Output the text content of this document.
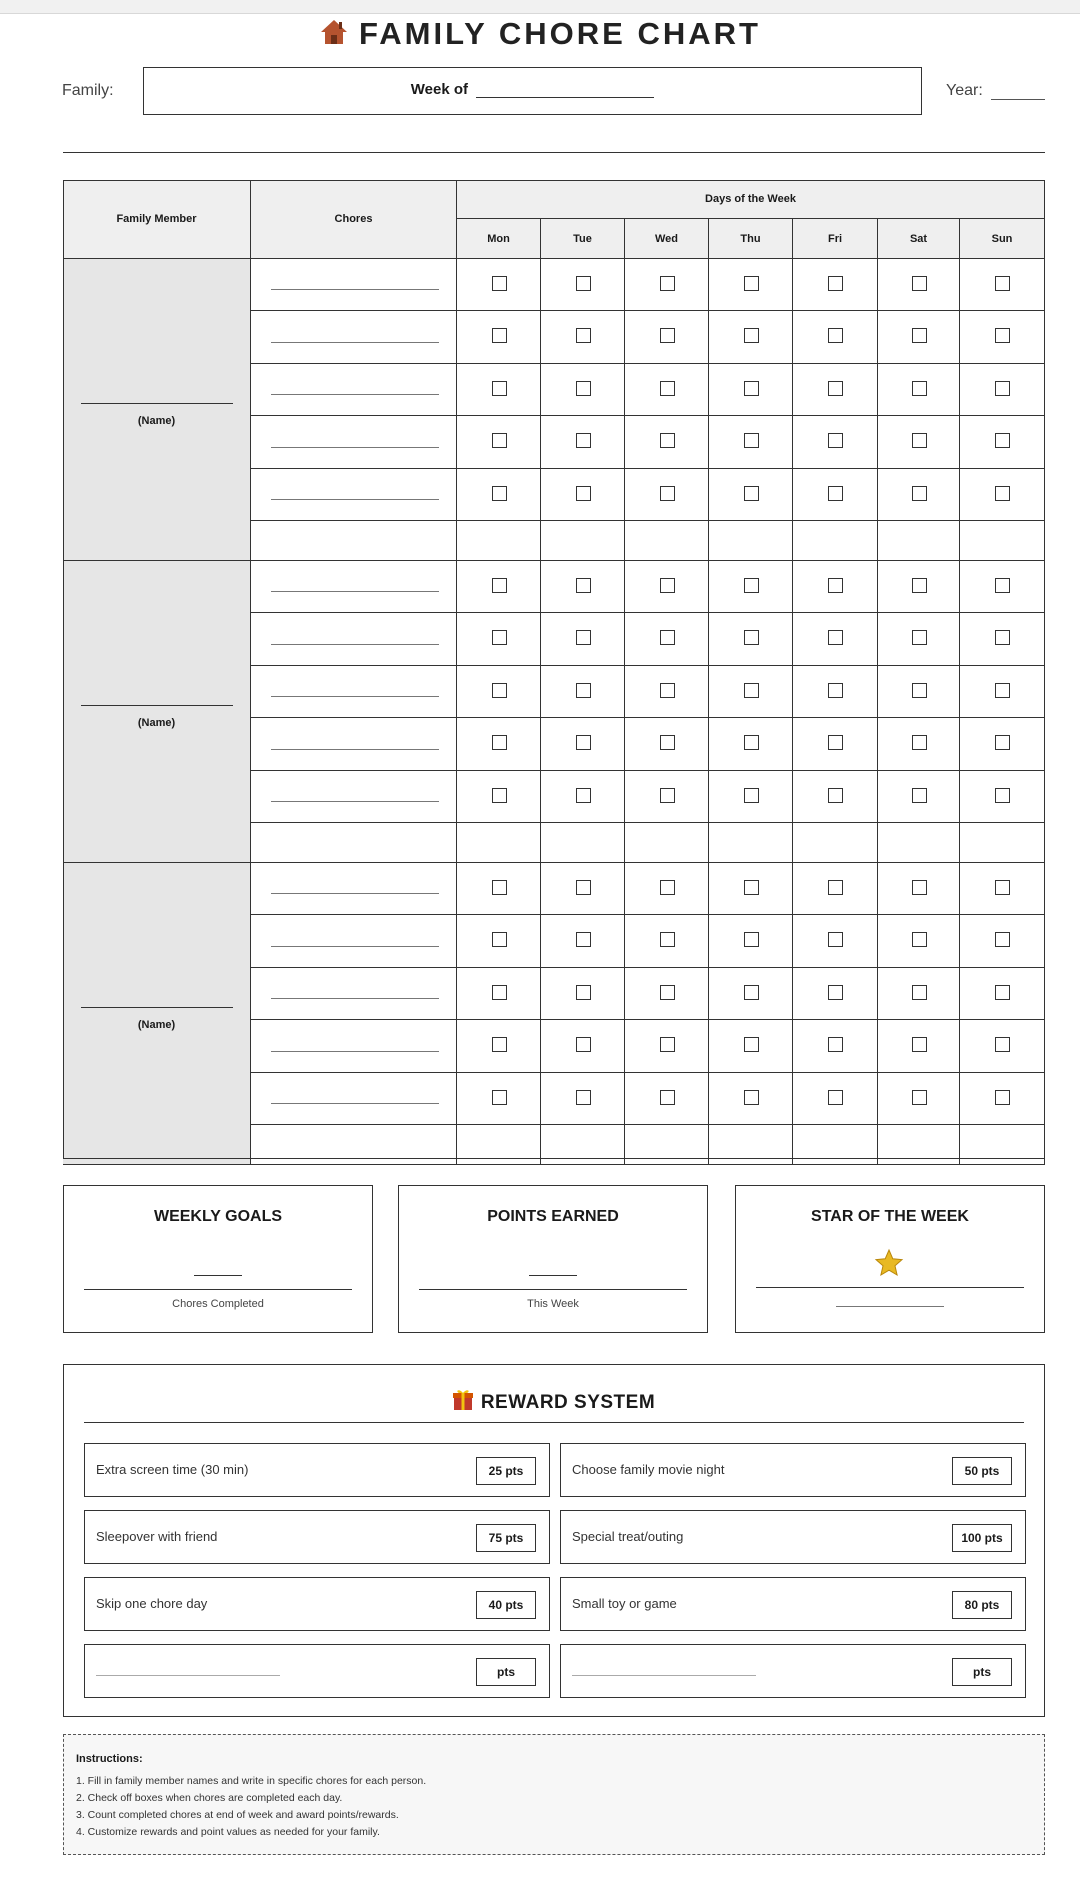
FAMILY CHORE CHART
Family:	Week of	Year:
Family Member	Chores
Days of the Week
Mon	Tue	Wed	Thu	Fri	Sat	Sun
(Name)
(Name)
(Name)
WEEKLY GOALS
Chores Completed
POINTS EARNED
This Week
STAR OF THE WEEK
REWARD SYSTEM
Extra screen time (30 min)	25 pts	Choose family movie night	50 pts
Sleepover with friend	75 pts	Special treat/outing	100 pts
Skip one chore day	40 pts	Small toy or game	80 pts
pts	pts
Instructions:
1. Fill in family member names and write in specific chores for each person.
2. Check off boxes when chores are completed each day.
3. Count completed chores at end of week and award points/rewards.
4. Customize rewards and point values as needed for your family.
